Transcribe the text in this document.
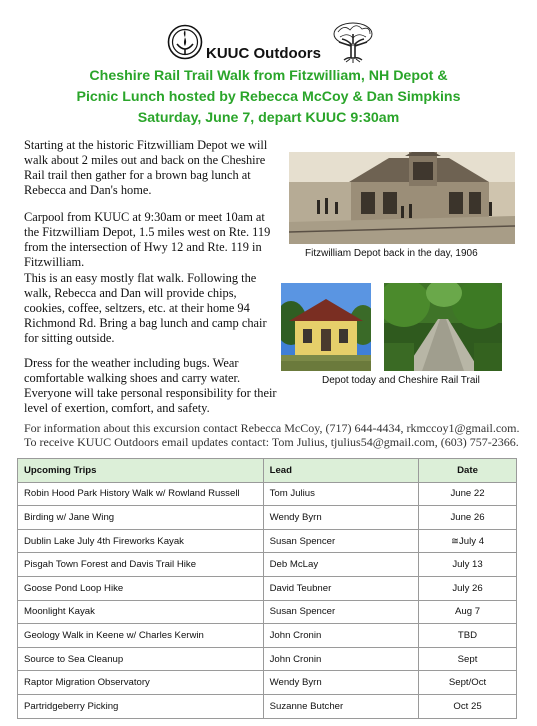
KUUC Outdoors
Cheshire Rail Trail Walk from Fitzwilliam, NH Depot &
Picnic Lunch hosted by Rebecca McCoy & Dan Simpkins
Saturday, June 7, depart KUUC 9:30am
Starting at the historic Fitzwilliam Depot we will walk about 2 miles out and back on the Cheshire Rail trail then gather for a brown bag lunch at Rebecca and Dan's home.
Carpool from KUUC at 9:30am or meet 10am at the Fitzwilliam Depot, 1.5 miles west on Rte. 119 from the intersection of Hwy 12 and Rte. 119 in Fitzwilliam.
This is an easy mostly flat walk. Following the walk, Rebecca and Dan will provide chips, cookies, coffee, seltzers, etc. at their home 94 Richmond Rd. Bring a bag lunch and camp chair for sitting outside.
Dress for the weather including bugs. Wear comfortable walking shoes and carry water. Everyone will take personal responsibility for their level of exertion, comfort, and safety.
Fitzwilliam Depot back in the day, 1906
Depot today and Cheshire Rail Trail
For information about this excursion contact Rebecca McCoy, (717) 644-4434, rkmccoy1@gmail.com.
To receive KUUC Outdoors email updates contact: Tom Julius, tjulius54@gmail.com, (603) 757-2366.
Upcoming Trips	Lead	Date
Robin Hood Park History Walk w/ Rowland Russell	Tom Julius	June 22
Birding w/ Jane Wing	Wendy Byrn	June 26
Dublin Lake July 4th Fireworks Kayak	Susan Spencer	≅July 4
Pisgah Town Forest and Davis Trail Hike	Deb McLay	July 13
Goose Pond Loop Hike	David Teubner	July 26
Moonlight Kayak	Susan Spencer	Aug 7
Geology Walk in Keene w/ Charles Kerwin	John Cronin	TBD
Source to Sea Cleanup	John Cronin	Sept
Raptor Migration Observatory	Wendy Byrn	Sept/Oct
Partridgeberry Picking	Suzanne Butcher	Oct 25
